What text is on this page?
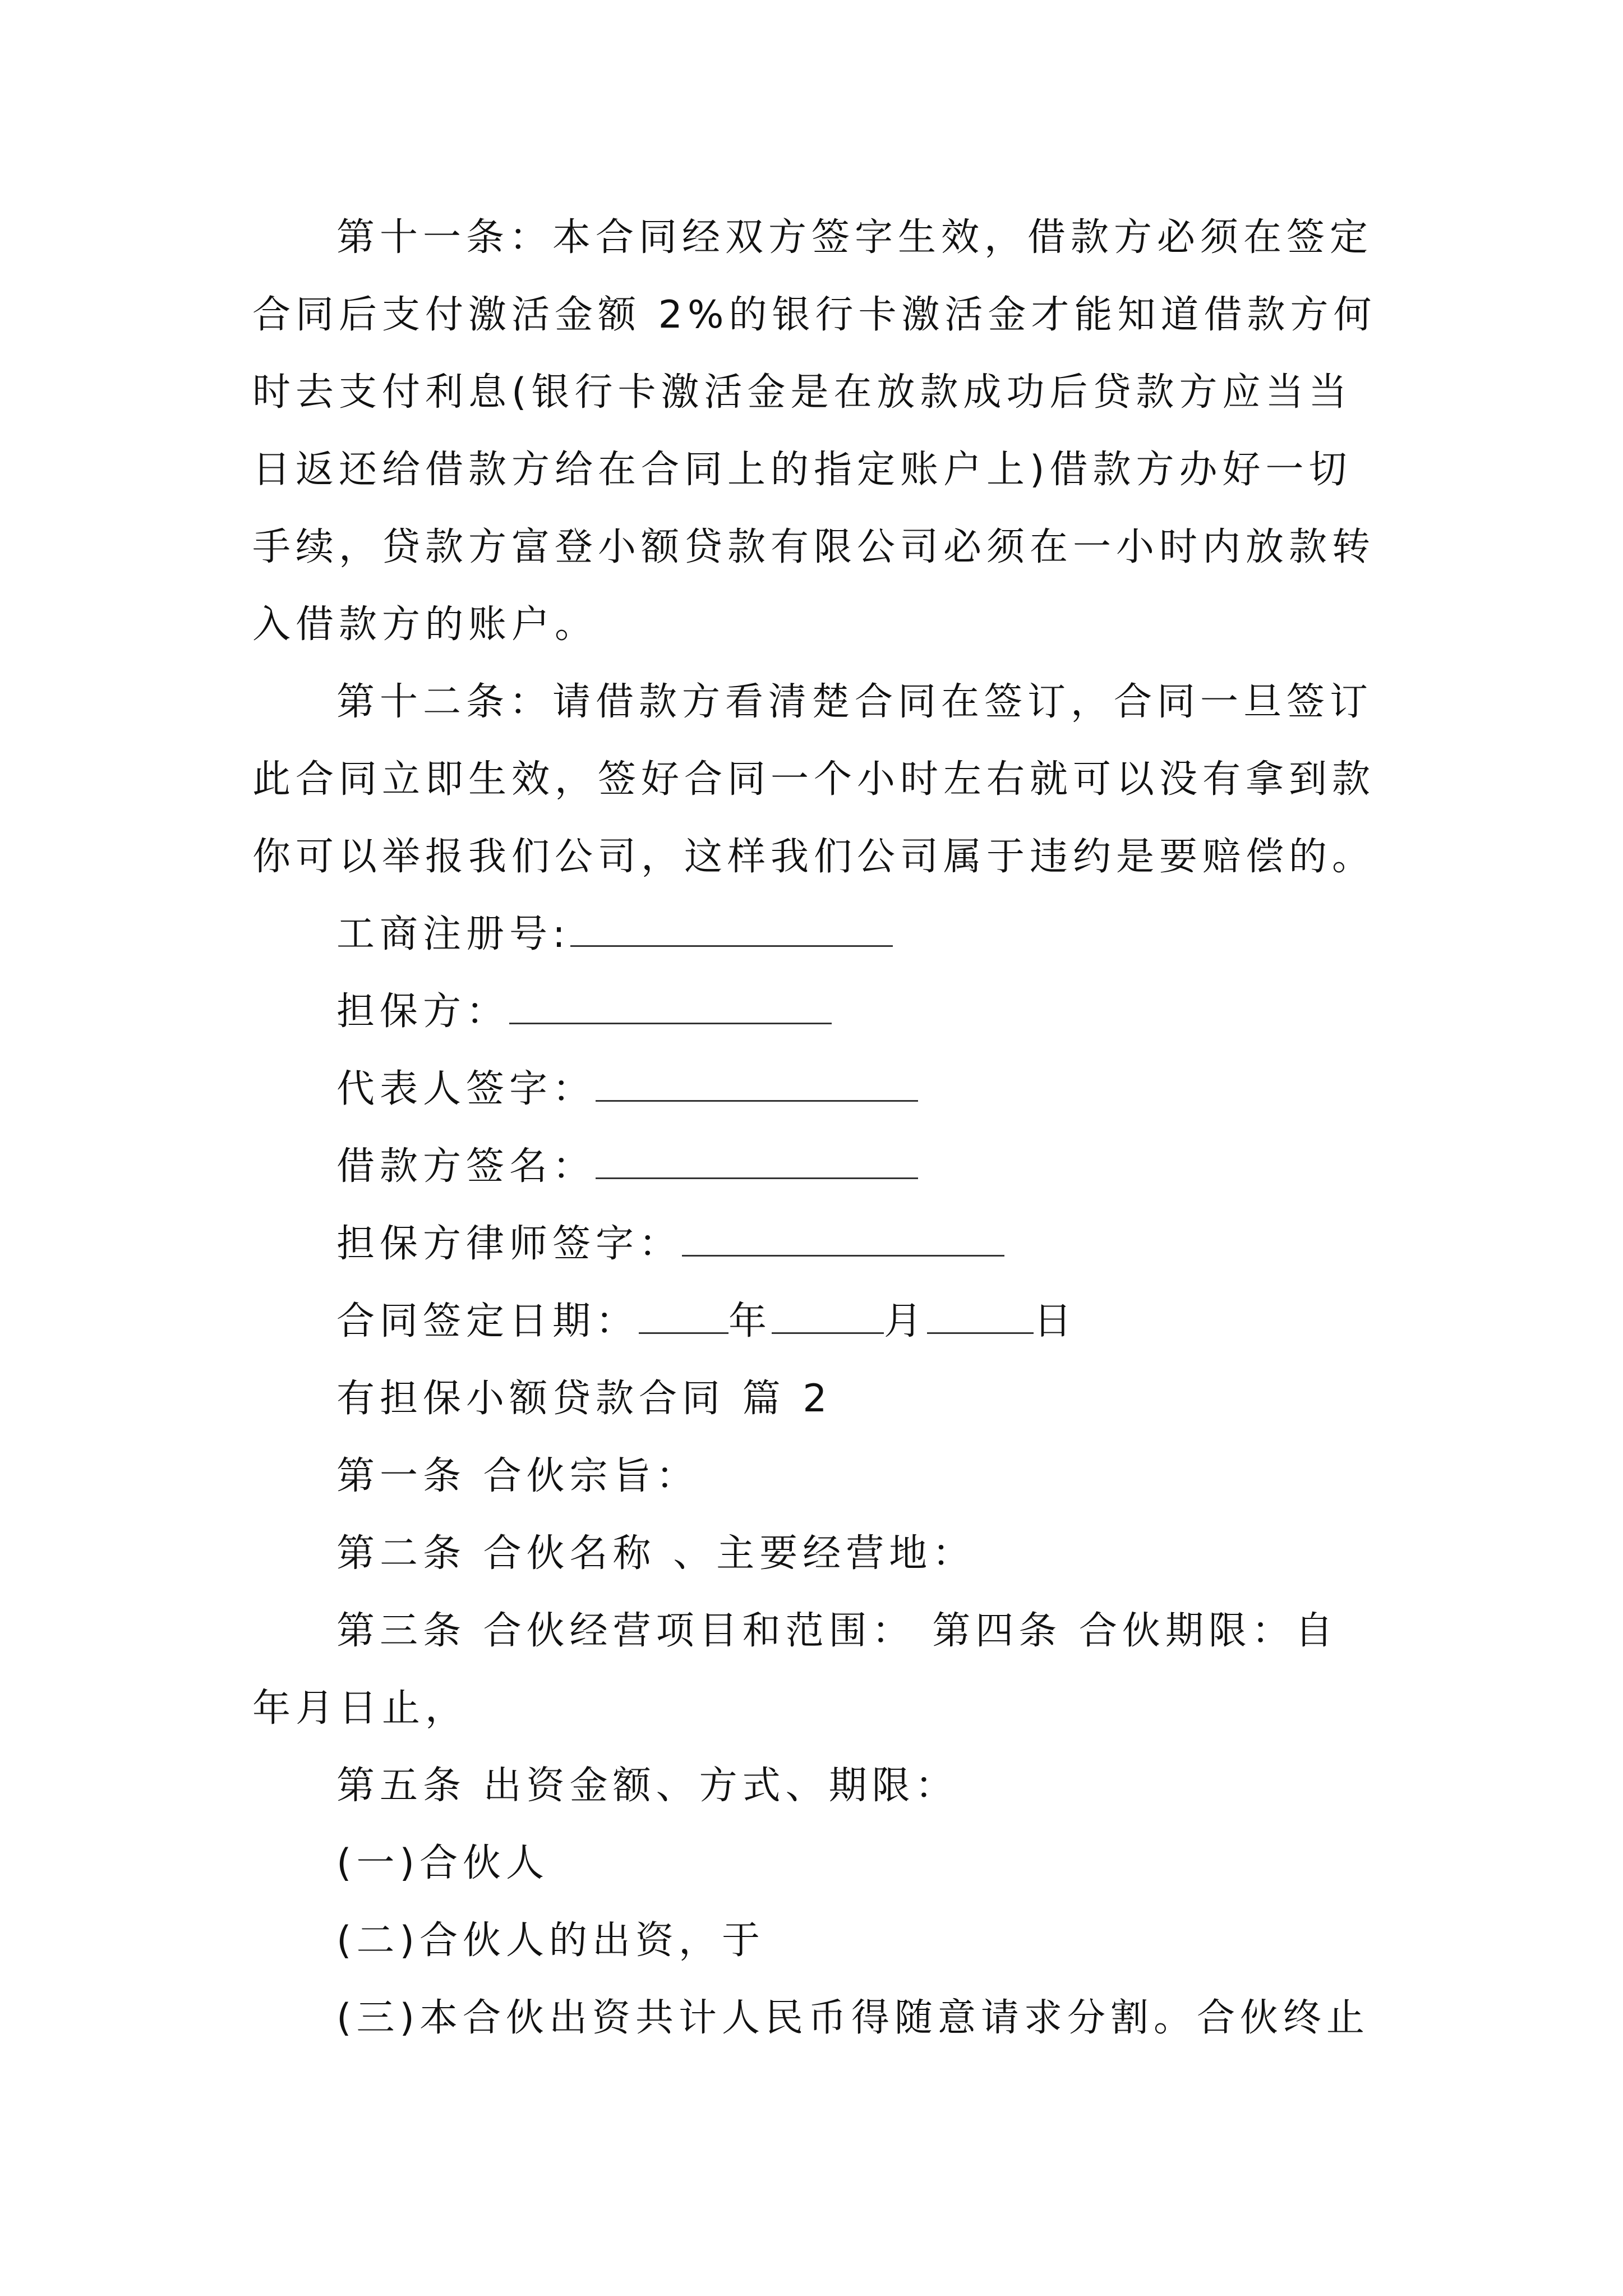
第十一条：本合同经双方签字生效，借款方必须在签定
合同后支付激活金额 2%的银行卡激活金才能知道借款方何
时去支付利息(银行卡激活金是在放款成功后贷款方应当当
日返还给借款方给在合同上的指定账户上)借款方办好一切
手续，贷款方富登小额贷款有限公司必须在一小时内放款转
入借款方的账户。
第十二条：请借款方看清楚合同在签订，合同一旦签订
此合同立即生效，签好合同一个小时左右就可以没有拿到款
你可以举报我们公司，这样我们公司属于违约是要赔偿的。
工商注册号:
担保方：
代表人签字：
借款方签名：
担保方律师签字：
合同签定日期： 年	月	日
有担保小额贷款合同 篇 2
第一条 合伙宗旨：
第二条 合伙名称 、主要经营地：
第三条 合伙经营项目和范围： 第四条 合伙期限：自
年月日止，
第五条 出资金额、方式、期限：
(一)合伙人
(二)合伙人的出资，于
(三)本合伙出资共计人民币得随意请求分割。合伙终止
